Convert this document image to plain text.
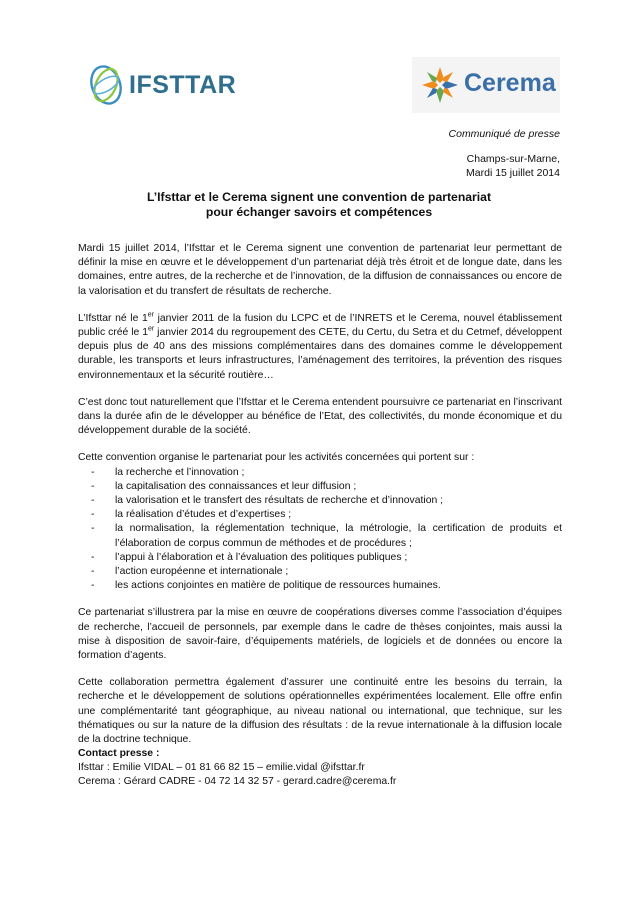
IFSTTAR	Cerema
Communiqué de presse
Champs-sur-Marne,
Mardi 15 juillet 2014
L’Ifsttar et le Cerema signent une convention de partenariat
pour échanger savoirs et compétences

Mardi 15 juillet 2014, l’Ifsttar et le Cerema signent une convention de partenariat leur permettant de définir la mise en œuvre et le développement d’un partenariat déjà très étroit et de longue date, dans les domaines, entre autres, de la recherche et de l’innovation, de la diffusion de connaissances ou encore de la valorisation et du transfert de résultats de recherche.

L’Ifsttar né le 1er janvier 2011 de la fusion du LCPC et de l’INRETS et le Cerema, nouvel établissement public créé le 1er janvier 2014 du regroupement des CETE, du Certu, du Setra et du Cetmef, développent depuis plus de 40 ans des missions complémentaires dans des domaines comme le développement durable, les transports et leurs infrastructures, l’aménagement des territoires, la prévention des risques environnementaux et la sécurité routière…

C’est donc tout naturellement que l’Ifsttar et le Cerema entendent poursuivre ce partenariat en l’inscrivant dans la durée afin de le développer au bénéfice de l’Etat, des collectivités, du monde économique et du développement durable de la société.

Cette convention organise le partenariat pour les activités concernées qui portent sur :

- la recherche et l’innovation ;
- la capitalisation des connaissances et leur diffusion ;
- la valorisation et le transfert des résultats de recherche et d’innovation ;
- la réalisation d’études et d’expertises ;
- la normalisation, la réglementation technique, la métrologie, la certification de produits et l’élaboration de corpus commun de méthodes et de procédures ;
- l’appui à l’élaboration et à l’évaluation des politiques publiques ;
- l’action européenne et internationale ;
- les actions conjointes en matière de politique de ressources humaines.

Ce partenariat s’illustrera par la mise en œuvre de coopérations diverses comme l’association d’équipes de recherche, l’accueil de personnels, par exemple dans le cadre de thèses conjointes, mais aussi la mise à disposition de savoir-faire, d’équipements matériels, de logiciels et de données ou encore la formation d’agents.

Cette collaboration permettra également d’assurer une continuité entre les besoins du terrain, la recherche et le développement de solutions opérationnelles expérimentées localement. Elle offre enfin une complémentarité tant géographique, au niveau national ou international, que technique, sur les thématiques ou sur la nature de la diffusion des résultats : de la revue internationale à la diffusion locale de la doctrine technique.

Contact presse :
Ifsttar : Emilie VIDAL – 01 81 66 82 15 – emilie.vidal @ifsttar.fr
Cerema : Gérard CADRE - 04 72 14 32 57 - gerard.cadre@cerema.fr
